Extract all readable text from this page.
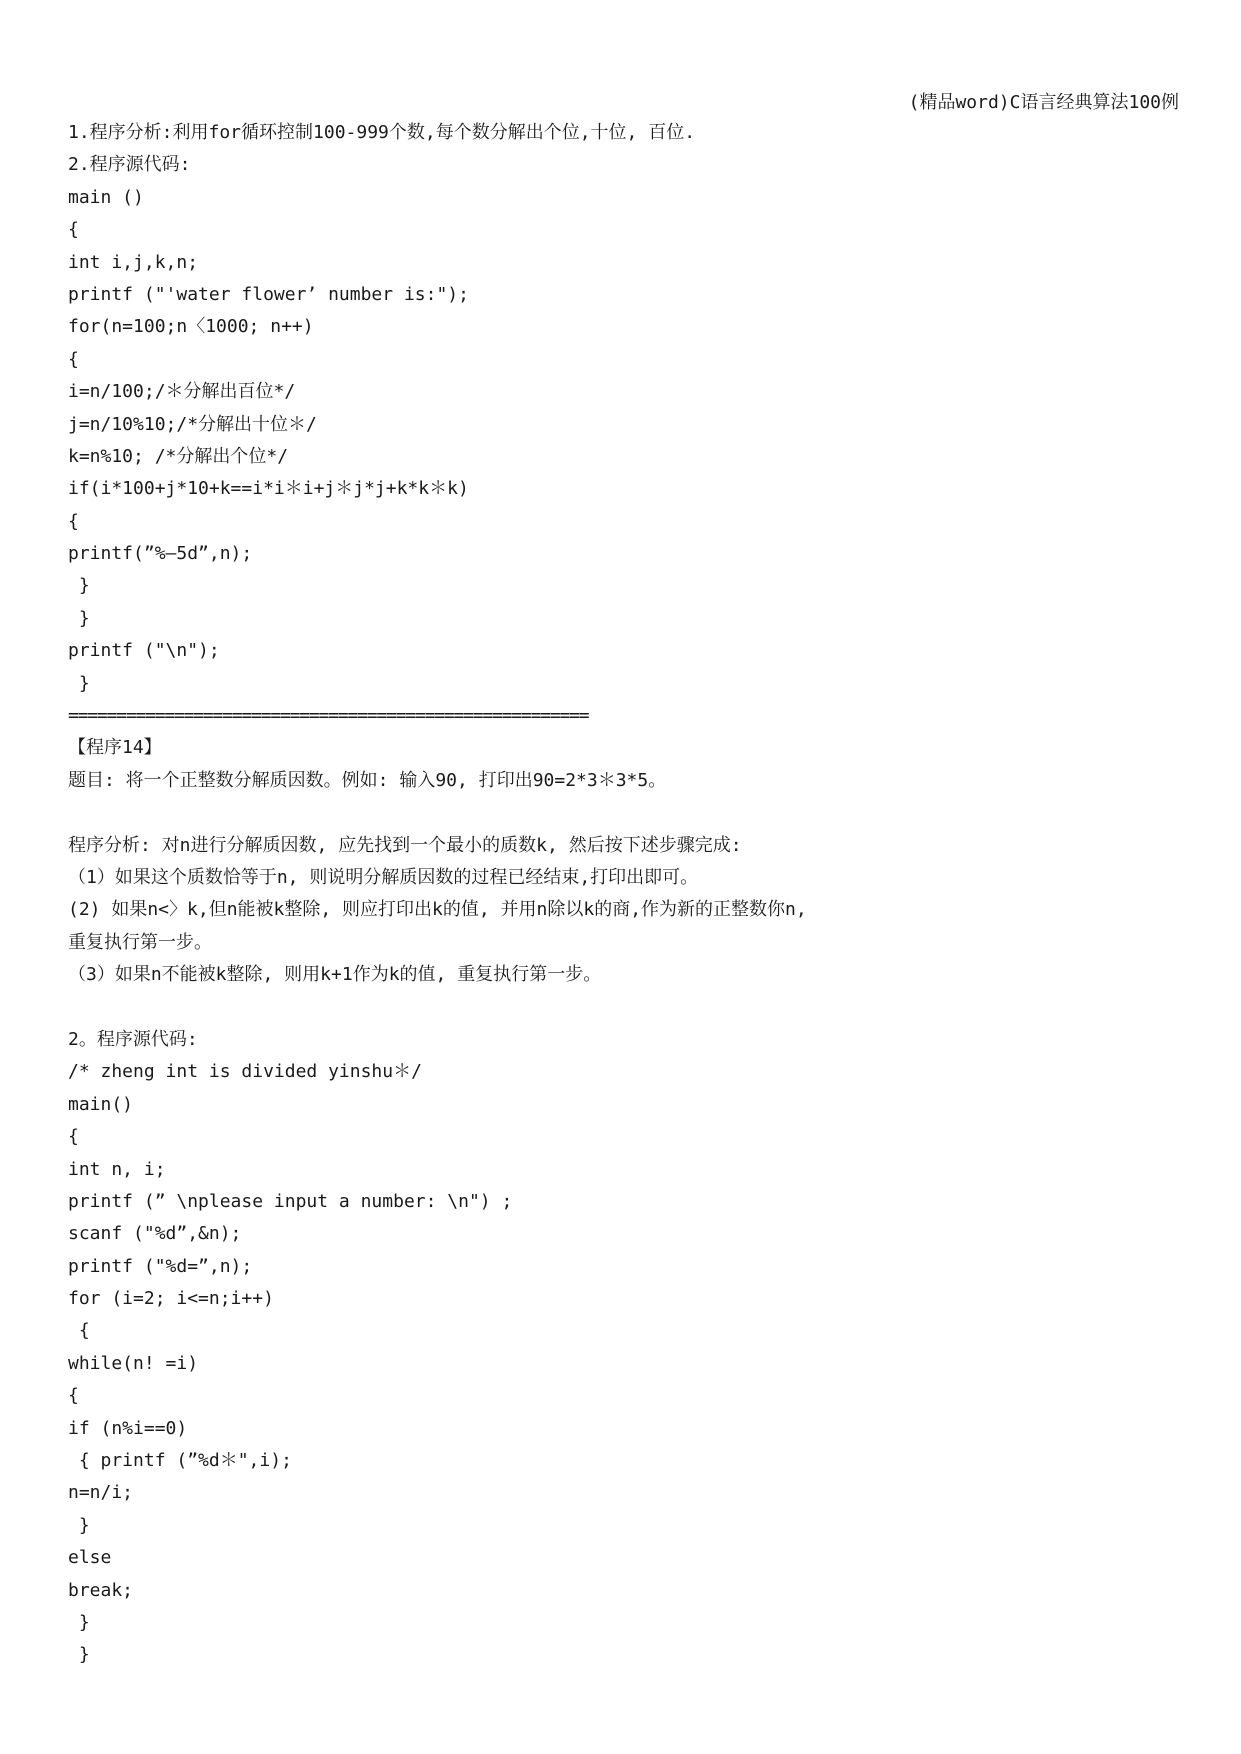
(精品word)C语言经典算法100例
1.程序分析:利用for循环控制100-999个数,每个数分解出个位,十位, 百位.
2.程序源代码:
main ()
{
int i,j,k,n;
printf ("'water flower’ number is:");
for(n=100;n〈1000; n++)
{
i=n/100;/＊分解出百位*/
j=n/10%10;/*分解出十位＊/
k=n%10; /*分解出个位*/
if(i*100+j*10+k==i*i＊i+j＊j*j+k*k＊k)
{
printf(”%—5d”,n);
}
}
printf ("\n");
}
======================================================
【程序14】
题目: 将一个正整数分解质因数。例如: 输入90, 打印出90=2*3＊3*5。
程序分析: 对n进行分解质因数, 应先找到一个最小的质数k, 然后按下述步骤完成:
（1）如果这个质数恰等于n, 则说明分解质因数的过程已经结束,打印出即可。
(2) 如果n<〉k,但n能被k整除, 则应打印出k的值, 并用n除以k的商,作为新的正整数你n,
重复执行第一步。
（3）如果n不能被k整除, 则用k+1作为k的值, 重复执行第一步。
2。程序源代码:
/* zheng int is divided yinshu＊/
main()
{
int n, i;
printf (” \nplease input a number: \n") ;
scanf ("%d”,&n);
printf ("%d=”,n);
for (i=2; i<=n;i++)
{
while(n! =i)
{
if (n%i==0)
{ printf (”%d＊",i);
n=n/i;
}
else
break;
}
}
